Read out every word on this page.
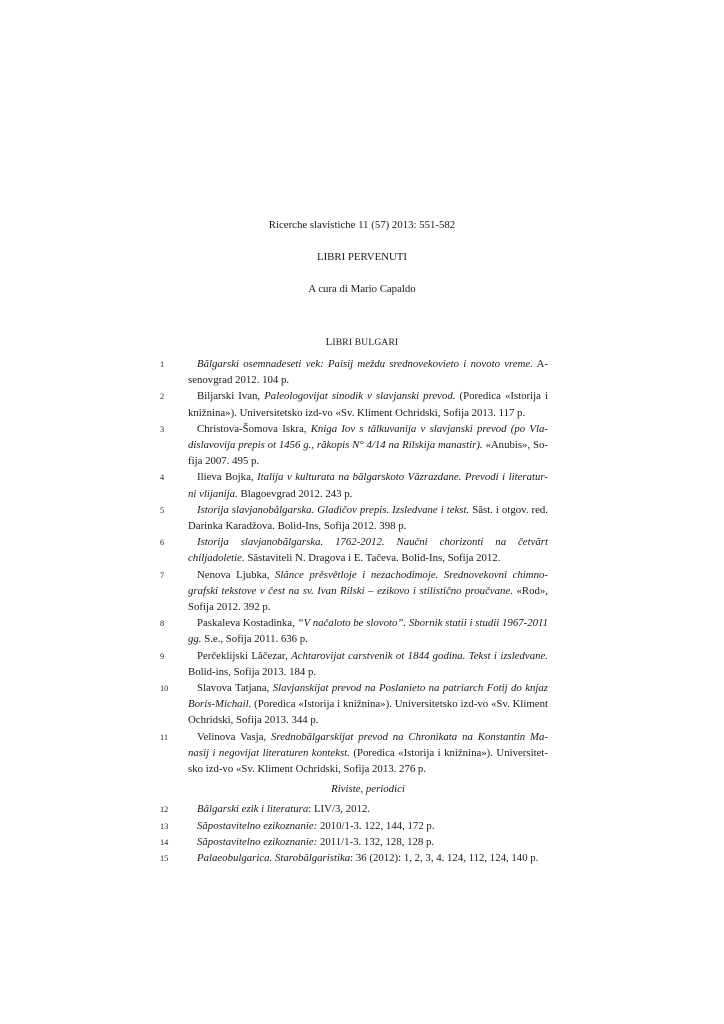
Ricerche slavistiche 11 (57) 2013: 551-582
LIBRI PERVENUTI
A cura di Mario Capaldo
LIBRI BULGARI
1	Bălgarski osemnadeseti vek: Paisij meždu srednovekovieto i novoto vreme. A-senovgrad 2012. 104 p.
2	Biljarski Ivan, Paleologovijat sinodik v slavjanski prevod. (Poredica «Istorija i knižnina»). Universitetsko izd-vo «Sv. Kliment Ochridski, Sofija 2013. 117 p.
3	Christova-Šomova Iskra, Kniga Iov s tălkuvanija v slavjanski prevod (po Vla-dislavovija prepis ot 1456 g., răkopis N° 4/14 na Rilskija manastir). «Anubis», So-fija 2007. 495 p.
4	Ilieva Bojka, Italija v kulturata na bălgarskoto Văzrazdane. Prevodi i literatur-ni vlijanija. Blagoevgrad 2012. 243 p.
5	Istorija slavjanobălgarska. Gladičov prepis. Izsledvane i tekst. Săst. i otgov. red. Darinka Karadžova. Bolid-Ins, Sofija 2012. 398 p.
6	Istorija slavjanobălgarska. 1762-2012. Naučni chorizonti na četvărt chiljadoletie. Săstaviteli N. Dragova i E. Tačeva. Bolid-Ins, Sofija 2012.
7	Nenova Ljubka, Slănce prěsvětloje i nezachodimoje. Srednovekovni chimno-grafski tekstove v čest na sv. Ivan Rilski – ezikovo i stilistično proučvane. «Rod», Sofija 2012. 392 p.
8	Paskaleva Kostadinka, “V načaloto be slovoto”. Sbornik statii i studii 1967-2011 gg. S.e., Sofija 2011. 636 p.
9	Perčeklijski Lăčezar, Achtarovijat carstvenik ot 1844 godina. Tekst i izsledvane. Bolid-ins, Sofija 2013. 184 p.
10	Slavova Tatjana, Slavjanskijat prevod na Poslanieto na patriarch Fotij do knjaz Boris-Michail. (Poredica «Istorija i knižnina»). Universitetsko izd-vo «Sv. Kliment Ochridski, Sofija 2013. 344 p.
11	Velinova Vasja, Srednobălgarskijat prevod na Chronikata na Konstantin Ma-nasij i negovijat literaturen kontekst. (Poredica «Istorija i knižnina»). Universitet-sko izd-vo «Sv. Kliment Ochridski, Sofija 2013. 276 p.
Riviste, periodici
12	Bălgarski ezik i literatura: LIV/3, 2012.
13	Săpostavitelno ezikoznanie: 2010/1-3. 122, 144, 172 p.
14	Săpostavitelno ezikoznanie: 2011/1-3. 132, 128, 128 p.
15	Palaeobulgarica. Starobălgaristika: 36 (2012): 1, 2, 3, 4. 124, 112, 124, 140 p.
